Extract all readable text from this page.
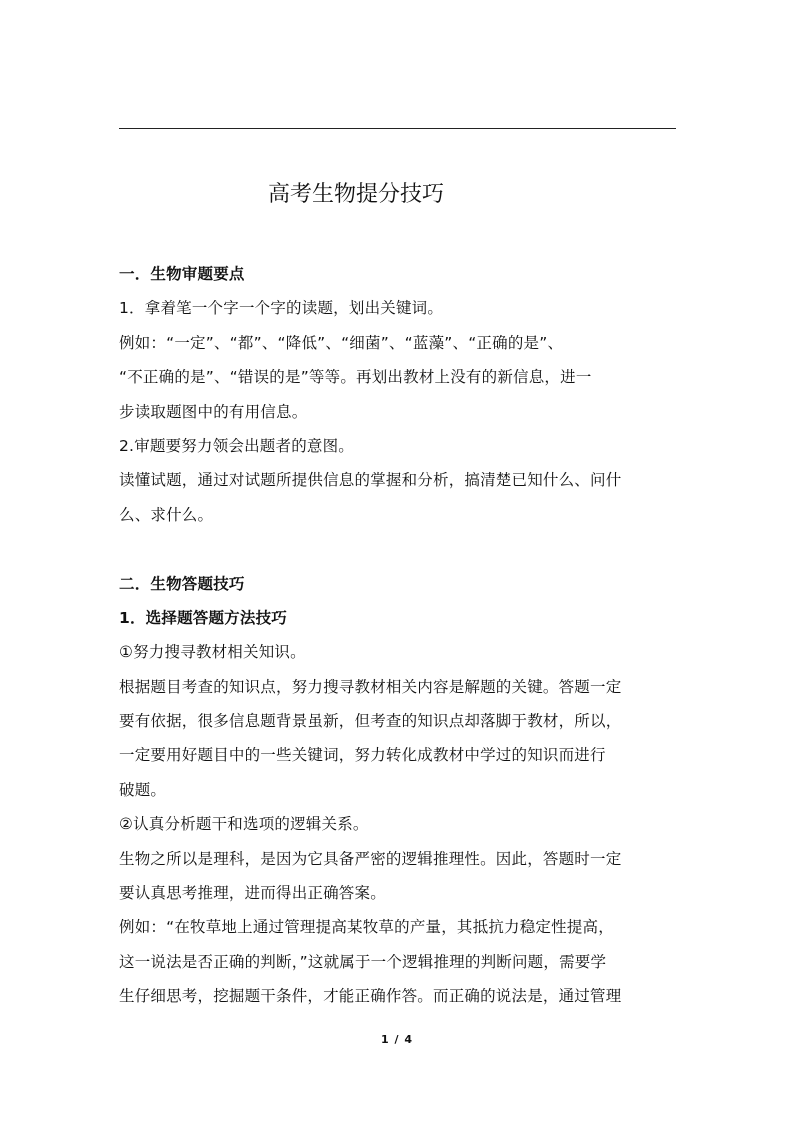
高考生物提分技巧

一．生物审题要点

1．拿着笔一个字一个字的读题，划出关键词。

例如：“一定”、“都”、“降低”、“细菌”、“蓝藻”、“正确的是”、

“不正确的是”、“错误的是”等等。再划出教材上没有的新信息，进一

步读取题图中的有用信息。

2.审题要努力领会出题者的意图。

读懂试题，通过对试题所提供信息的掌握和分析，搞清楚已知什么、问什

么、求什么。

二．生物答题技巧

1．选择题答题方法技巧

①努力搜寻教材相关知识。

根据题目考查的知识点，努力搜寻教材相关内容是解题的关键。答题一定

要有依据，很多信息题背景虽新，但考查的知识点却落脚于教材，所以，

一定要用好题目中的一些关键词，努力转化成教材中学过的知识而进行

破题。

②认真分析题干和选项的逻辑关系。

生物之所以是理科，是因为它具备严密的逻辑推理性。因此，答题时一定

要认真思考推理，进而得出正确答案。

例如：“在牧草地上通过管理提高某牧草的产量，其抵抗力稳定性提高，

这一说法是否正确的判断，”这就属于一个逻辑推理的判断问题，需要学

生仔细思考，挖掘题干条件，才能正确作答。而正确的说法是，通过管理

1 / 4
